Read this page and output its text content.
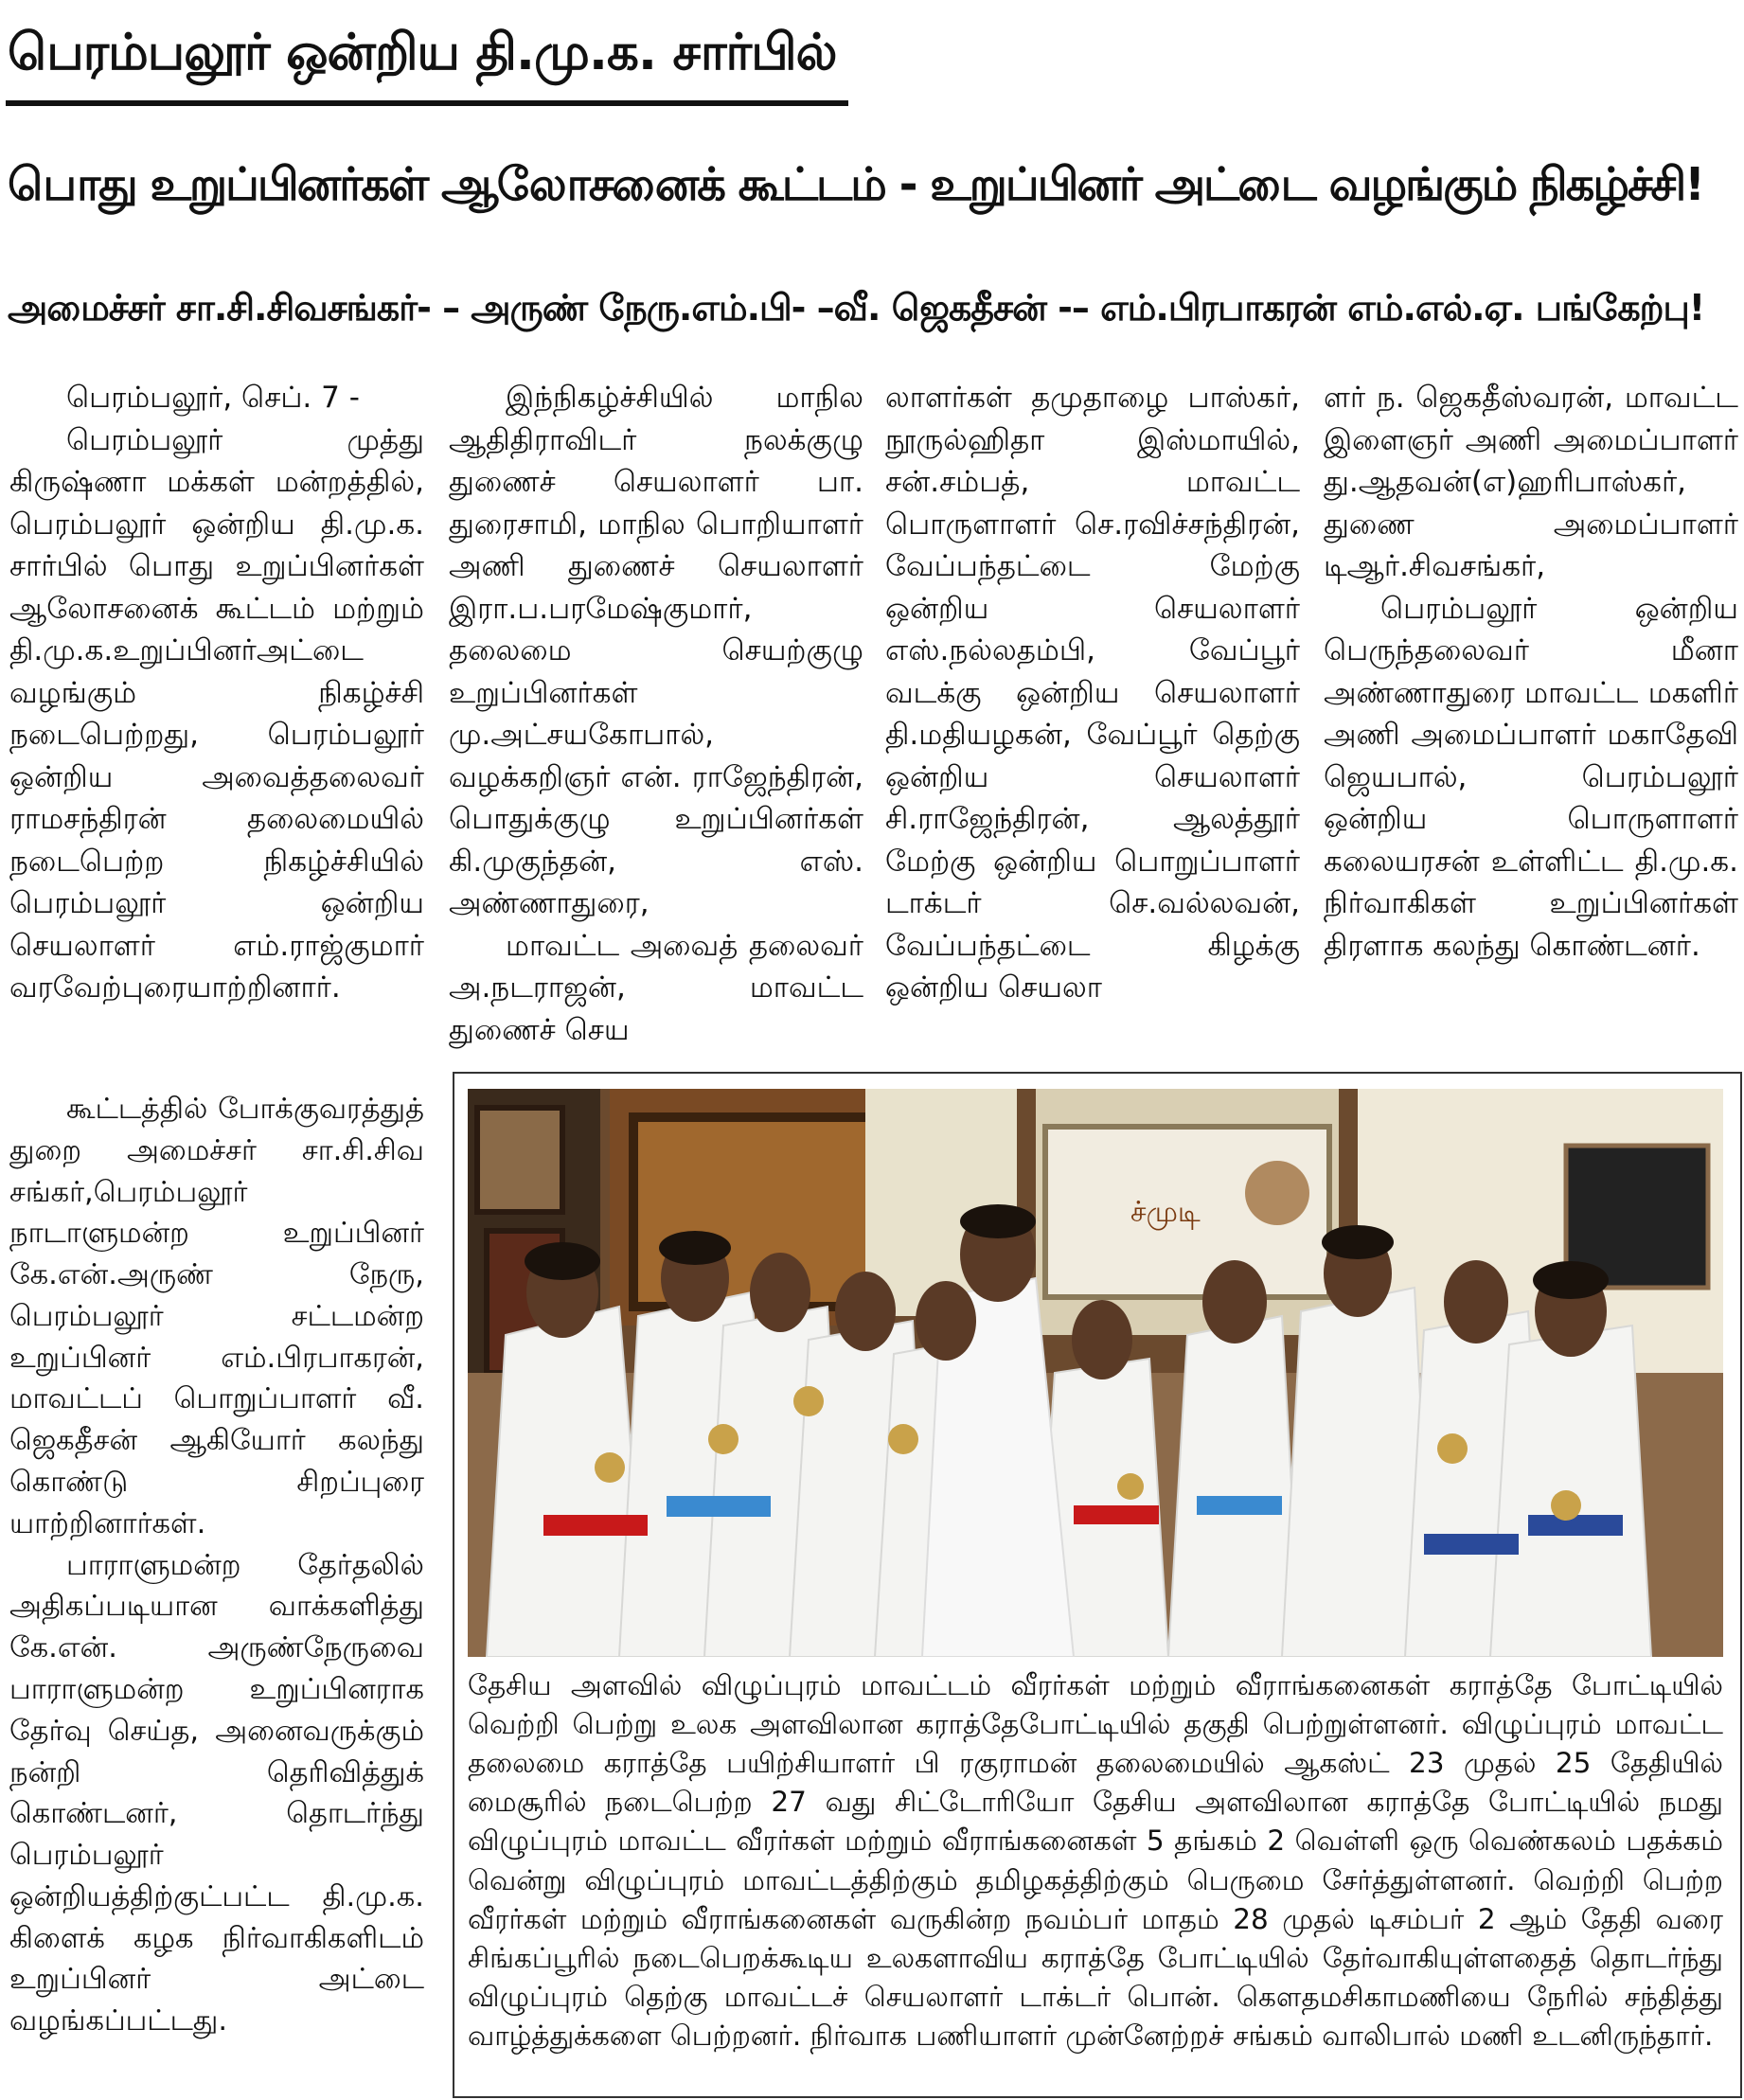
பெரம்பலூர் ஒன்றிய தி.மு.க. சார்பில்
பொது உறுப்பினர்கள் ஆலோசனைக் கூட்டம் - உறுப்பினர் அட்டை வழங்கும் நிகழ்ச்சி!
அமைச்சர் சா.சி.சிவசங்கர்- – அருண் நேரு.எம்.பி- –வீ. ஜெகதீசன் -– எம்.பிரபாகரன் எம்.எல்.ஏ. பங்கேற்பு!

பெரம்பலூர், செப். 7 -

பெரம்பலூர் முத்து கிருஷ்ணா மக்கள் மன்றத்தில், பெரம்பலூர் ஒன்றிய தி.மு.க. சார்பில் பொது உறுப்பினர்கள் ஆலோசனைக் கூட்டம் மற்றும் தி.மு.க.உறுப்பினர்அட்டை வழங்கும் நிகழ்ச்சி நடைபெற்றது, பெரம்பலூர் ஒன்றிய அவைத்தலைவர் ராமசந்திரன் தலைமையில் நடைபெற்ற நிகழ்ச்சியில் பெரம்பலூர் ஒன்றிய செயலாளர் எம்.ராஜ்குமார் வரவேற்புரையாற்றினார்.

கூட்டத்தில் போக்குவரத்துத் துறை அமைச்சர் சா.சி.சிவ சங்கர்,பெரம்பலூர் நாடாளுமன்ற உறுப்பினர் கே.என்.அருண் நேரு, பெரம்பலூர் சட்டமன்ற உறுப்பினர் எம்.பிரபாகரன், மாவட்டப் பொறுப்பாளர் வீ. ஜெகதீசன் ஆகியோர் கலந்து கொண்டு சிறப்புரை யாற்றினார்கள்.

பாராளுமன்ற தேர்தலில் அதிகப்படியான வாக்களித்து கே.என். அருண்நேருவை பாராளுமன்ற உறுப்பினராக தேர்வு செய்த, அனைவருக்கும் நன்றி தெரிவித்துக் கொண்டனர், தொடர்ந்து பெரம்பலூர் ஒன்றியத்திற்குட்பட்ட தி.மு.க. கிளைக் கழக நிர்வாகிகளிடம் உறுப்பினர் அட்டை வழங்கப்பட்டது.

இந்நிகழ்ச்சியில் மாநில ஆதிதிராவிடர் நலக்குழு துணைச் செயலாளர் பா. துரைசாமி, மாநில பொறியாளர் அணி துணைச் செயலாளர் இரா.ப.பரமேஷ்குமார், தலைமை செயற்குழு உறுப்பினர்கள் மு.அட்சயகோபால், வழக்கறிஞர் என். ராஜேந்திரன், பொதுக்குழு உறுப்பினர்கள் கி.முகுந்தன், எஸ். அண்ணாதுரை,

மாவட்ட அவைத் தலைவர் அ.நடராஜன், மாவட்ட துணைச் செய

லாளர்கள் தமுதாழை பாஸ்கர், நூருல்ஹிதா இஸ்மாயில், சன்.சம்பத், மாவட்ட பொருளாளர் செ.ரவிச்சந்திரன், வேப்பந்தட்டை மேற்கு ஒன்றிய செயலாளர் எஸ்.நல்லதம்பி, வேப்பூர் வடக்கு ஒன்றிய செயலாளர் தி.மதியழகன், வேப்பூர் தெற்கு ஒன்றிய செயலாளர் சி.ராஜேந்திரன், ஆலத்தூர் மேற்கு ஒன்றிய பொறுப்பாளர் டாக்டர் செ.வல்லவன், வேப்பந்தட்டை கிழக்கு ஒன்றிய செயலா

ளர் ந. ஜெகதீஸ்வரன், மாவட்ட இளைஞர் அணி அமைப்பாளர் து.ஆதவன்(எ)ஹரிபாஸ்கர், துணை அமைப்பாளர் டிஆர்.சிவசங்கர்,

பெரம்பலூர் ஒன்றிய பெருந்தலைவர் மீனா அண்ணாதுரை மாவட்ட மகளிர் அணி அமைப்பாளர் மகாதேவி ஜெயபால், பெரம்பலூர் ஒன்றிய பொருளாளர் கலையரசன் உள்ளிட்ட தி.மு.க. நிர்வாகிகள் உறுப்பினர்கள் திரளாக கலந்து கொண்டனர்.

ச்முடி
தேசிய அளவில் விழுப்புரம் மாவட்டம் வீரர்கள் மற்றும் வீராங்கனைகள் கராத்தே போட்டியில் வெற்றி பெற்று உலக அளவிலான கராத்தேபோட்டியில் தகுதி பெற்றுள்ளனர். விழுப்புரம் மாவட்ட தலைமை கராத்தே பயிற்சியாளர் பி ரகுராமன் தலைமையில் ஆகஸ்ட் 23 முதல் 25 தேதியில் மைசூரில் நடைபெற்ற 27 வது சிட்டோரியோ தேசிய அளவிலான கராத்தே போட்டியில் நமது விழுப்புரம் மாவட்ட வீரர்கள் மற்றும் வீராங்கனைகள் 5 தங்கம் 2 வெள்ளி ஒரு வெண்கலம் பதக்கம் வென்று விழுப்புரம் மாவட்டத்திற்கும் தமிழகத்திற்கும் பெருமை சேர்த்துள்ளனர். வெற்றி பெற்ற வீரர்கள் மற்றும் வீராங்கனைகள் வருகின்ற நவம்பர் மாதம் 28 முதல் டிசம்பர் 2 ஆம் தேதி வரை சிங்கப்பூரில் நடைபெறக்கூடிய உலகளாவிய கராத்தே போட்டியில் தேர்வாகியுள்ளதைத் தொடர்ந்து விழுப்புரம் தெற்கு மாவட்டச் செயலாளர் டாக்டர் பொன். கௌதமசிகாமணியை நேரில் சந்தித்து வாழ்த்துக்களை பெற்றனர். நிர்வாக பணியாளர் முன்னேற்றச் சங்கம் வாலிபால் மணி உடனிருந்தார்.
